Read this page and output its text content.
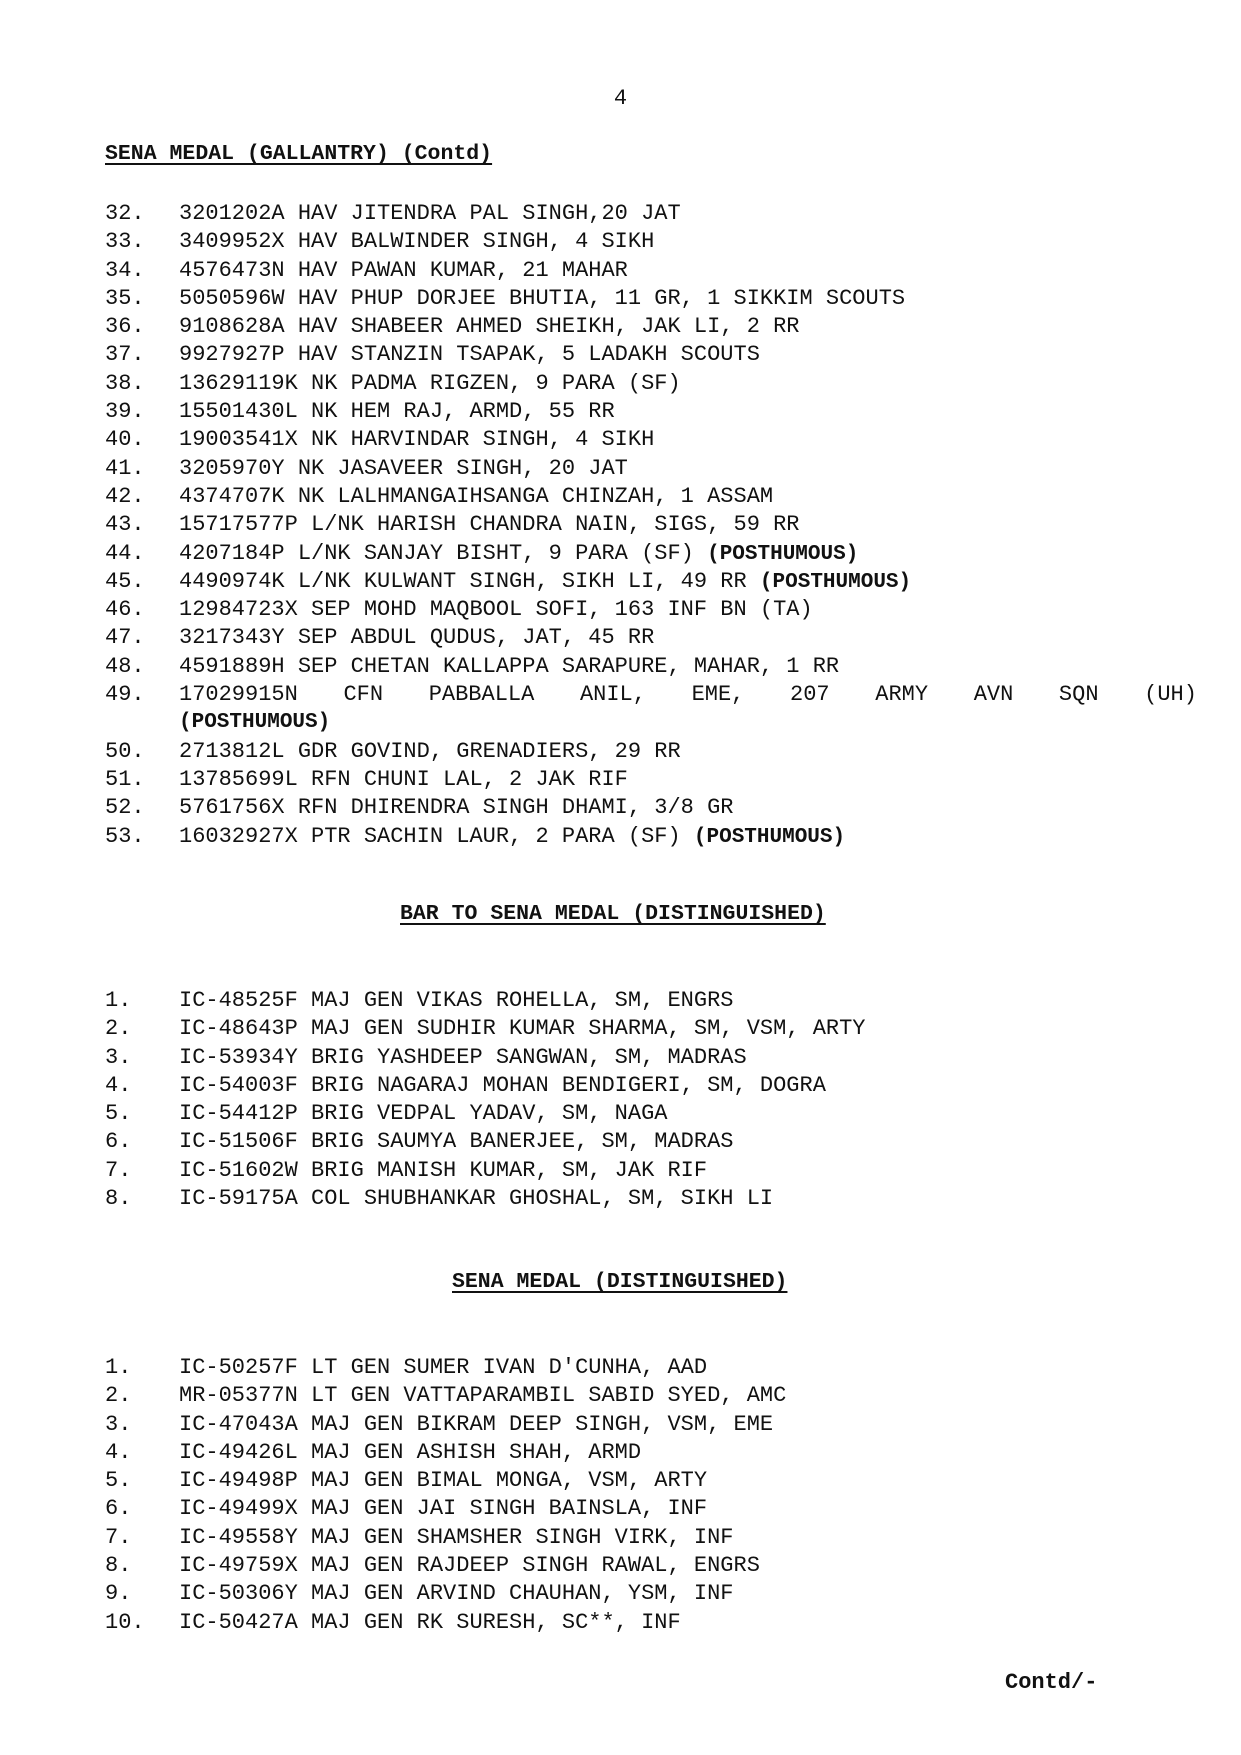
4
SENA MEDAL (GALLANTRY) (Contd)
32. 3201202A HAV JITENDRA PAL SINGH,20 JAT
33. 3409952X HAV BALWINDER SINGH, 4 SIKH
34. 4576473N HAV PAWAN KUMAR, 21 MAHAR
35. 5050596W HAV PHUP DORJEE BHUTIA, 11 GR, 1 SIKKIM SCOUTS
36. 9108628A HAV SHABEER AHMED SHEIKH, JAK LI, 2 RR
37. 9927927P HAV STANZIN TSAPAK, 5 LADAKH SCOUTS
38. 13629119K NK PADMA RIGZEN, 9 PARA (SF)
39. 15501430L NK HEM RAJ, ARMD, 55 RR
40. 19003541X NK HARVINDAR SINGH, 4 SIKH
41. 3205970Y NK JASAVEER SINGH, 20 JAT
42. 4374707K NK LALHMANGAIHSANGA CHINZAH, 1 ASSAM
43. 15717577P L/NK HARISH CHANDRA NAIN, SIGS, 59 RR
44. 4207184P L/NK SANJAY BISHT, 9 PARA (SF) (POSTHUMOUS)
45. 4490974K L/NK KULWANT SINGH, SIKH LI, 49 RR (POSTHUMOUS)
46. 12984723X SEP MOHD MAQBOOL SOFI, 163 INF BN (TA)
47. 3217343Y SEP ABDUL QUDUS, JAT, 45 RR
48. 4591889H SEP CHETAN KALLAPPA SARAPURE, MAHAR, 1 RR
49. 17029915N CFN PABBALLA ANIL, EME, 207 ARMY AVN SQN (UH)
(POSTHUMOUS)
50. 2713812L GDR GOVIND, GRENADIERS, 29 RR
51. 13785699L RFN CHUNI LAL, 2 JAK RIF
52. 5761756X RFN DHIRENDRA SINGH DHAMI, 3/8 GR
53. 16032927X PTR SACHIN LAUR, 2 PARA (SF) (POSTHUMOUS)
BAR TO SENA MEDAL (DISTINGUISHED)
1. IC-48525F MAJ GEN VIKAS ROHELLA, SM, ENGRS
2. IC-48643P MAJ GEN SUDHIR KUMAR SHARMA, SM, VSM, ARTY
3. IC-53934Y BRIG YASHDEEP SANGWAN, SM, MADRAS
4. IC-54003F BRIG NAGARAJ MOHAN BENDIGERI, SM, DOGRA
5. IC-54412P BRIG VEDPAL YADAV, SM, NAGA
6. IC-51506F BRIG SAUMYA BANERJEE, SM, MADRAS
7. IC-51602W BRIG MANISH KUMAR, SM, JAK RIF
8. IC-59175A COL SHUBHANKAR GHOSHAL, SM, SIKH LI
SENA MEDAL (DISTINGUISHED)
1. IC-50257F LT GEN SUMER IVAN D'CUNHA, AAD
2. MR-05377N LT GEN VATTAPARAMBIL SABID SYED, AMC
3. IC-47043A MAJ GEN BIKRAM DEEP SINGH, VSM, EME
4. IC-49426L MAJ GEN ASHISH SHAH, ARMD
5. IC-49498P MAJ GEN BIMAL MONGA, VSM, ARTY
6. IC-49499X MAJ GEN JAI SINGH BAINSLA, INF
7. IC-49558Y MAJ GEN SHAMSHER SINGH VIRK, INF
8. IC-49759X MAJ GEN RAJDEEP SINGH RAWAL, ENGRS
9. IC-50306Y MAJ GEN ARVIND CHAUHAN, YSM, INF
10. IC-50427A MAJ GEN RK SURESH, SC**, INF
Contd/-
